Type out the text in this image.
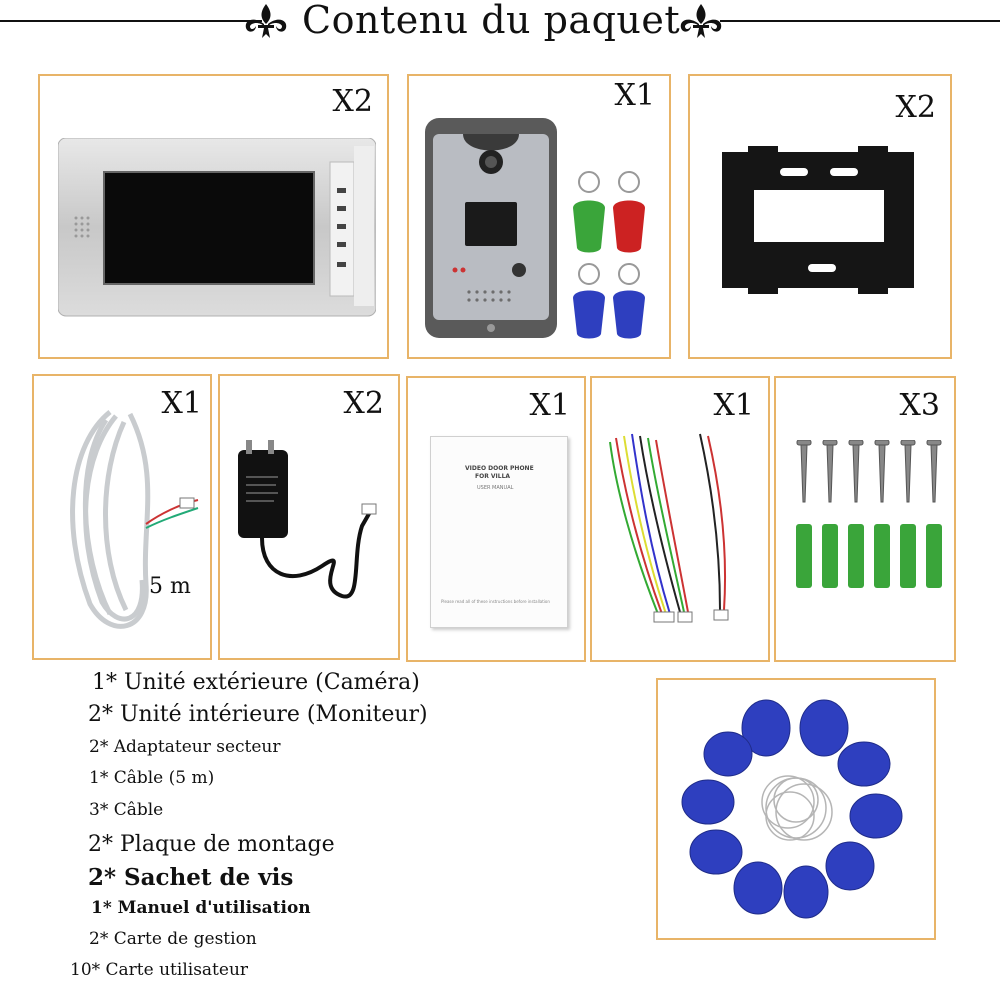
Contenu du paquet
X2	X1	X2
X1
5 m
X2	X1
VIDEO DOOR PHONE
FOR VILLA
USER MANUAL
Please read all of these instructions before installation
X1	X3
1* Unité extérieure (Caméra)
2* Unité intérieure (Moniteur)
2* Adaptateur secteur
1* Câble (5 m)
3* Câble
2* Plaque de montage
2* Sachet de vis
1* Manuel d'utilisation
2* Carte de gestion
10* Carte utilisateur
